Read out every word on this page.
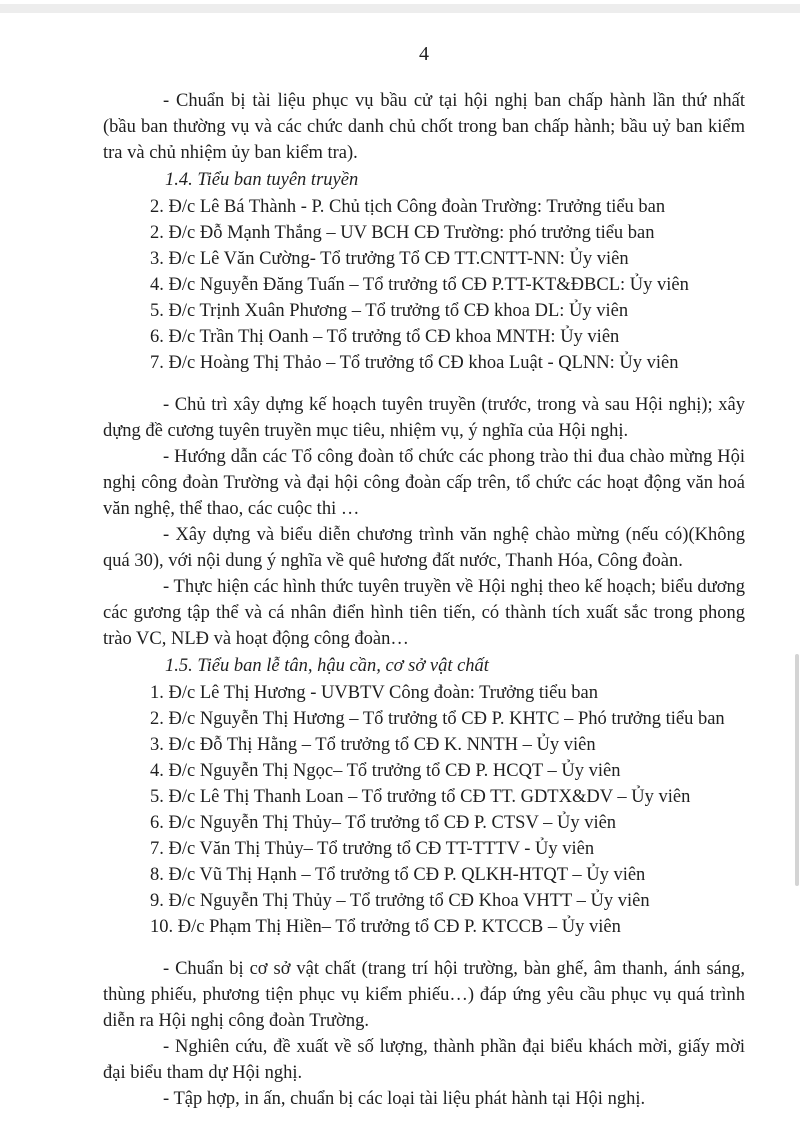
4

- Chuẩn bị tài liệu phục vụ bầu cử tại hội nghị ban chấp hành lần thứ nhất (bầu ban thường vụ và các chức danh chủ chốt trong ban chấp hành; bầu uỷ ban kiểm tra và chủ nhiệm ủy ban kiểm tra).

1.4. Tiểu ban tuyên truyền

2. Đ/c Lê Bá Thành - P. Chủ tịch Công đoàn Trường: Trưởng tiểu ban

2. Đ/c Đỗ Mạnh Thắng – UV BCH CĐ Trường: phó trưởng tiểu ban

3. Đ/c Lê Văn Cường- Tổ trưởng Tổ CĐ TT.CNTT-NN: Ủy viên

4. Đ/c Nguyễn Đăng Tuấn – Tổ trưởng tổ CĐ P.TT-KT&ĐBCL: Ủy viên

5. Đ/c Trịnh Xuân Phương – Tổ trưởng tổ CĐ khoa DL: Ủy viên

6. Đ/c Trần Thị Oanh – Tổ trưởng tổ CĐ khoa MNTH: Ủy viên

7. Đ/c Hoàng Thị Thảo – Tổ trưởng tổ CĐ khoa Luật - QLNN: Ủy viên

- Chủ trì xây dựng kế hoạch tuyên truyền (trước, trong và sau Hội nghị); xây dựng đề cương tuyên truyền mục tiêu, nhiệm vụ, ý nghĩa của Hội nghị.

- Hướng dẫn các Tổ công đoàn tổ chức các phong trào thi đua chào mừng Hội nghị công đoàn Trường và đại hội công đoàn cấp trên, tổ chức các hoạt động văn hoá văn nghệ, thể thao, các cuộc thi …

- Xây dựng và biểu diễn chương trình văn nghệ chào mừng (nếu có)(Không quá 30), với nội dung ý nghĩa về quê hương đất nước, Thanh Hóa, Công đoàn.

- Thực hiện các hình thức tuyên truyền về Hội nghị theo kế hoạch; biểu dương các gương tập thể và cá nhân điển hình tiên tiến, có thành tích xuất sắc trong phong trào VC, NLĐ và hoạt động công đoàn…

1.5. Tiểu ban lễ tân, hậu cần, cơ sở vật chất

1. Đ/c Lê Thị Hương - UVBTV Công đoàn: Trưởng tiểu ban

2. Đ/c Nguyễn Thị Hương – Tổ trưởng tổ CĐ P. KHTC – Phó trưởng tiểu ban

3. Đ/c Đỗ Thị Hằng – Tổ trưởng tổ CĐ K. NNTH – Ủy viên

4. Đ/c Nguyễn Thị Ngọc– Tổ trưởng tổ CĐ P. HCQT – Ủy viên

5. Đ/c Lê Thị Thanh Loan – Tổ trưởng tổ CĐ TT. GDTX&DV – Ủy viên

6. Đ/c Nguyễn Thị Thủy– Tổ trưởng tổ CĐ P. CTSV – Ủy viên

7. Đ/c Văn Thị Thủy– Tổ trưởng tổ CĐ TT-TTTV - Ủy viên

8. Đ/c Vũ Thị Hạnh – Tổ trưởng tổ CĐ P. QLKH-HTQT – Ủy viên

9. Đ/c Nguyễn Thị Thủy – Tổ trưởng tổ CĐ Khoa VHTT – Ủy viên

10. Đ/c Phạm Thị Hiền– Tổ trưởng tổ CĐ P. KTCCB – Ủy viên

- Chuẩn bị cơ sở vật chất (trang trí hội trường, bàn ghế, âm thanh, ánh sáng, thùng phiếu, phương tiện phục vụ kiểm phiếu…) đáp ứng yêu cầu phục vụ quá trình diễn ra Hội nghị công đoàn Trường.

- Nghiên cứu, đề xuất về số lượng, thành phần đại biểu khách mời, giấy mời đại biểu tham dự Hội nghị.

- Tập hợp, in ấn, chuẩn bị các loại tài liệu phát hành tại Hội nghị.
